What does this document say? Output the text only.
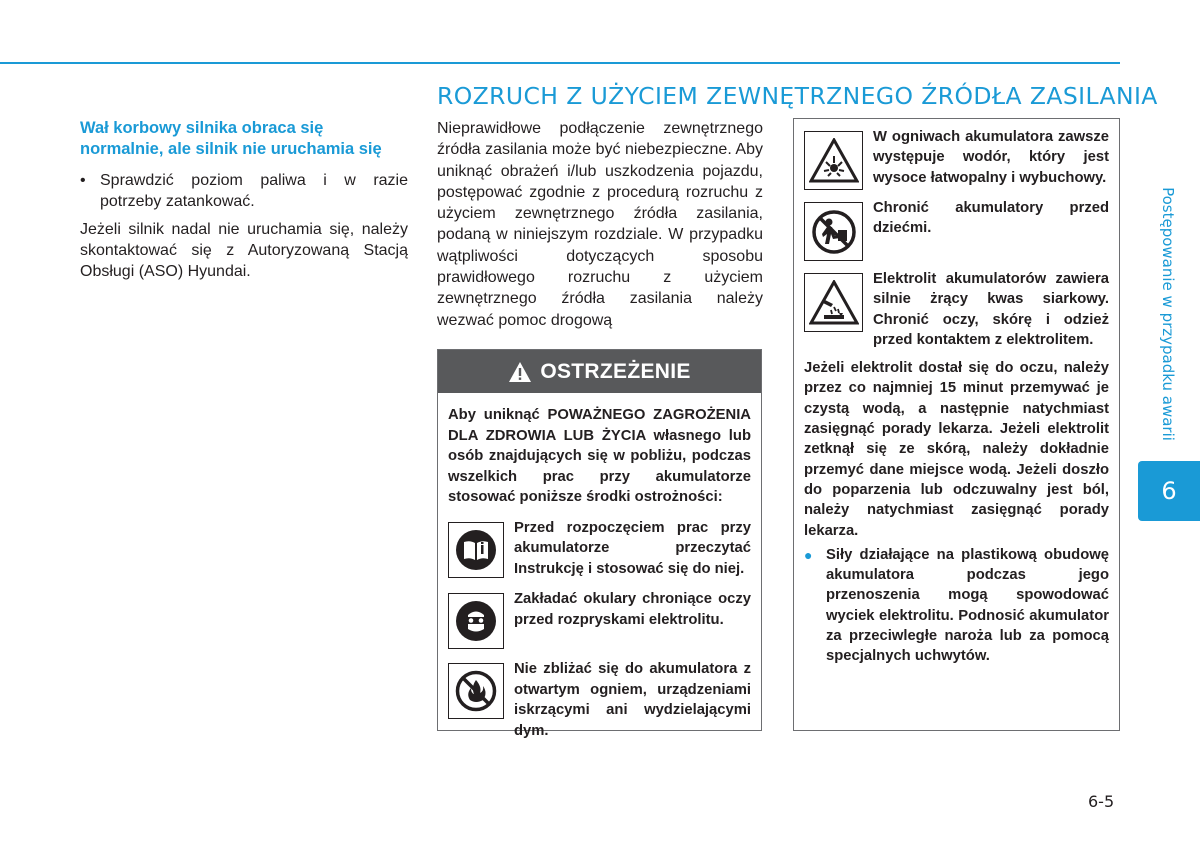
ROZRUCH Z UŻYCIEM ZEWNĘTRZNEGO ŹRÓDŁA ZASILANIA
Wał korbowy silnika obraca się normalnie, ale silnik nie uruchamia się
• Sprawdzić poziom paliwa i w razie potrzeby zatankować.

Jeżeli silnik nadal nie uruchamia się, należy skontaktować się z Autoryzowaną Stacją Obsługi (ASO) Hyundai.

Nieprawidłowe podłączenie zewnętrznego źródła zasilania może być niebezpieczne. Aby uniknąć obrażeń i/lub uszkodzenia pojazdu, postępować zgodnie z procedurą rozruchu z użyciem zewnętrznego źródła zasilania, podaną w niniejszym rozdziale. W przypadku wątpliwości dotyczących sposobu prawidłowego rozruchu z użyciem zewnętrznego źródła zasilania należy wezwać pomoc drogową

OSTRZEŻENIE
Aby uniknąć POWAŻNEGO ZAGROŻENIA DLA ZDROWIA LUB ŻYCIA własnego lub osób znajdujących się w pobliżu, podczas wszelkich prac przy akumulatorze stosować poniższe środki ostrożności:
Przed rozpoczęciem prac przy akumulatorze przeczytać Instrukcję i stosować się do niej.
Zakładać okulary chroniące oczy przed rozpryskami elektrolitu.
Nie zbliżać się do akumulatora z otwartym ogniem, urządzeniami iskrzącymi ani wydzielającymi dym.
W ogniwach akumulatora zawsze występuje wodór, który jest wysoce łatwopalny i wybuchowy.
Chronić akumulatory przed dziećmi.
Elektrolit akumulatorów zawiera silnie żrący kwas siarkowy. Chronić oczy, skórę i odzież przed kontaktem z elektrolitem.
Jeżeli elektrolit dostał się do oczu, należy przez co najmniej 15 minut przemywać je czystą wodą, a następnie natychmiast zasięgnąć porady lekarza. Jeżeli elektrolit zetknął się ze skórą, należy dokładnie przemyć dane miejsce wodą. Jeżeli doszło do poparzenia lub odczuwalny jest ból, należy natychmiast zasięgnąć porady lekarza.
● Siły działające na plastikową obudowę akumulatora podczas jego przenoszenia mogą spowodować wyciek elektrolitu. Podnosić akumulator za przeciwległe naroża lub za pomocą specjalnych uchwytów.
Postępowanie w przypadku awarii
6
6-5
